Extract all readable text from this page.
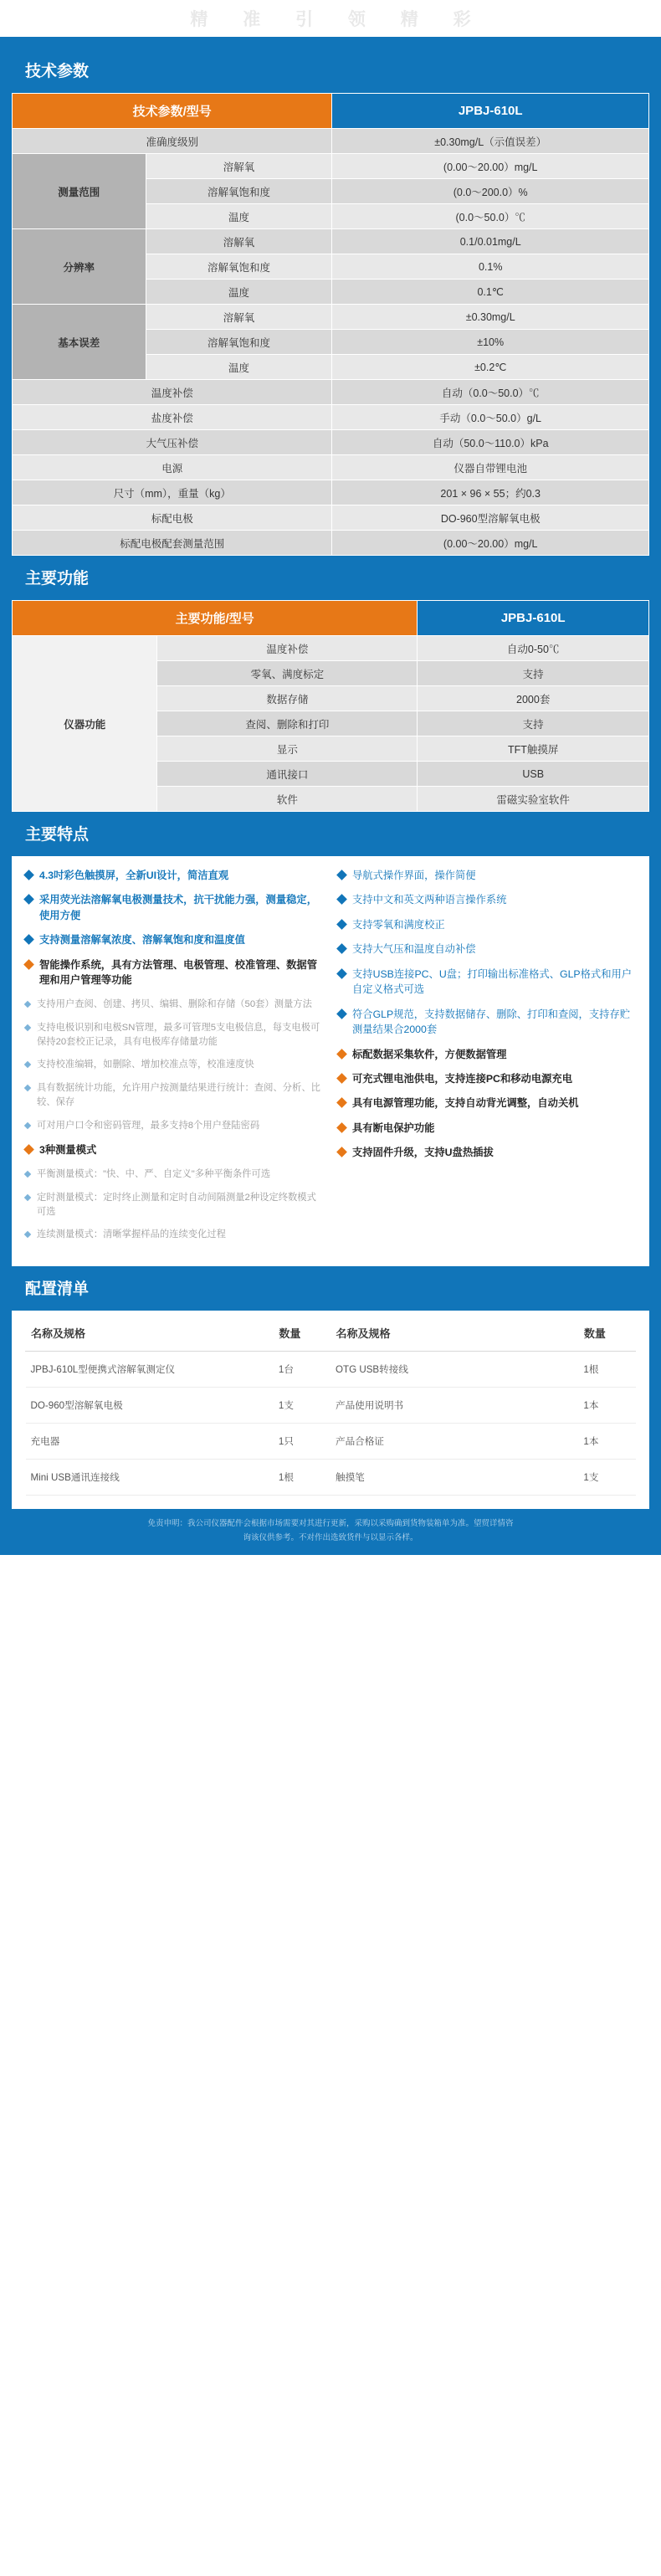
精 准 引 领 精 彩
技术参数
技术参数/型号		JPBJ-610L
准确度级别		±0.30mg/L（示值误差）
测量范围	溶解氧	(0.00～20.00）mg/L
	溶解氧饱和度	(0.0～200.0）%
	温度	(0.0～50.0）℃
分辨率	溶解氧	0.1/0.01mg/L
	溶解氧饱和度	0.1%
	温度	0.1℃
基本误差	溶解氧	±0.30mg/L
	溶解氧饱和度	±10%
	温度	±0.2℃
温度补偿		自动（0.0～50.0）℃
盐度补偿		手动（0.0～50.0）g/L
大气压补偿		自动（50.0～110.0）kPa
电源		仪器自带锂电池
尺寸（mm），重量（kg）		201 × 96 × 55；约0.3
标配电极		DO-960型溶解氧电极
标配电极配套测量范围		(0.00～20.00）mg/L
主要功能
主要功能/型号		JPBJ-610L
仪器功能	温度补偿	自动0-50℃
	零氧、满度标定	支持
	数据存储	2000套
	查阅、删除和打印	支持
	显示	TFT触摸屏
	通讯接口	USB
	软件	雷磁实验室软件
主要特点
4.3吋彩色触摸屏，全新UI设计，简洁直观
采用荧光法溶解氧电极测量技术，抗干扰能力强，测量稳定，使用方便
支持测量溶解氧浓度、溶解氧饱和度和温度值
智能操作系统，具有方法管理、电极管理、校准管理、数据管理和用户管理等功能
支持用户查阅、创建、拷贝、编辑、删除和存储（50套）测量方法
支持电极识别和电极SN管理，最多可管理5支电极信息，每支电极可保持20套校正记录，具有电极库存储量功能
支持校准编辑，如删除、增加校准点等，校准速度快
具有数据统计功能，允许用户按测量结果进行统计：查阅、分析、比较、保存
可对用户口令和密码管理，最多支持8个用户登陆密码
3种测量模式
平衡测量模式："快、中、严、自定义"多种平衡条件可选
定时测量模式：定时终止测量和定时自动间隔测量2种设定终数模式可选
连续测量模式：清晰掌握样品的连续变化过程
导航式操作界面，操作简便
支持中文和英文两种语言操作系统
支持零氧和满度校正
支持大气压和温度自动补偿
支持USB连接PC、U盘；打印输出标准格式、GLP格式和用户自定义格式可选
符合GLP规范，支持数据储存、删除、打印和查阅，支持存贮测量结果合2000套
标配数据采集软件，方便数据管理
可充式锂电池供电，支持连接PC和移动电源充电
具有电源管理功能，支持自动背光调整，自动关机
具有断电保护功能
支持固件升级，支持U盘热插拔
配置清单
名称及规格	数量	名称及规格	数量
JPBJ-610L型便携式溶解氧测定仪	1台	OTG USB转接线	1根
DO-960型溶解氧电极	1支	产品使用说明书	1本
充电器	1只	产品合格证	1本
Mini USB通讯连接线	1根	触摸笔	1支
免责申明：我公司仪器配件会根据市场需要对其进行更新，采购以采购确到货物装箱单为准。望贸详情咨
询该仪供参考。不对作出选致货件与以显示各样。
